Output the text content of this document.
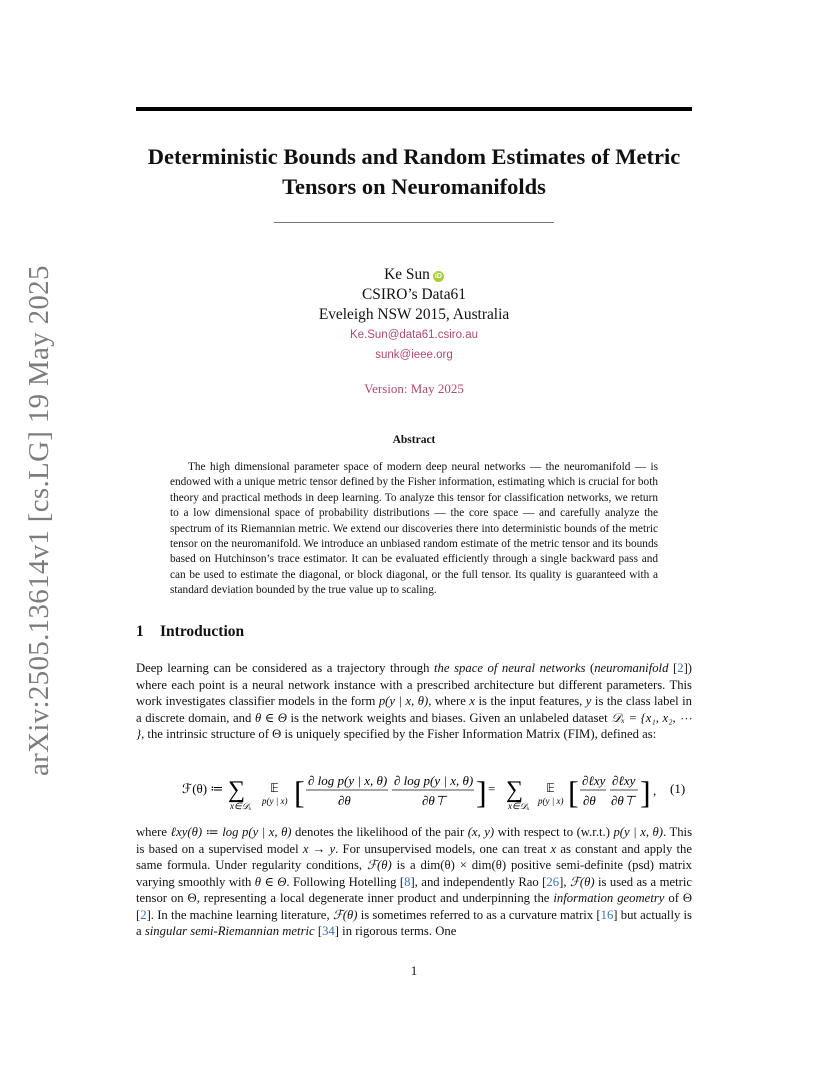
arXiv:2505.13614v1 [cs.LG] 19 May 2025
Deterministic Bounds and Random Estimates of Metric
Tensors on Neuromanifolds
Ke Sun iD
CSIRO’s Data61
Eveleigh NSW 2015, Australia
Ke.Sun@data61.csiro.au
sunk@ieee.org
Version: May 2025
Abstract

The high dimensional parameter space of modern deep neural networks — the neuromanifold — is endowed with a unique metric tensor defined by the Fisher information, estimating which is crucial for both theory and practical methods in deep learning. To analyze this tensor for classification networks, we return to a low dimensional space of probability distributions — the core space — and carefully analyze the spectrum of its Riemannian metric. We extend our discoveries there into deterministic bounds of the metric tensor on the neuromanifold. We introduce an unbiased random estimate of the metric tensor and its bounds based on Hutchinson’s trace estimator. It can be evaluated efficiently through a single backward pass and can be used to estimate the diagonal, or block diagonal, or the full tensor. Its quality is guaranteed with a standard deviation bounded by the true value up to scaling.

1 Introduction

Deep learning can be considered as a trajectory through the space of neural networks (neuromanifold [2]) where each point is a neural network instance with a prescribed architecture but different parameters. This work investigates classifier models in the form p(y | x, θ), where x is the input features, y is the class label in a discrete domain, and θ ∈ Θ is the network weights and biases. Given an unlabeled dataset 𝒟ₓ = {x₁, x₂, ⋯ }, the intrinsic structure of Θ is uniquely specified by the Fisher Information Matrix (FIM), defined as:

ℱ(θ) ≔ ∑
x∈𝒟ₓ
𝔼
p(y | x) [ ∂ log p(y | x, θ)
∂θ
∂ log p(y | x, θ)
∂θ⊤ ] = ∑
x∈𝒟ₓ
𝔼
p(y | x) [ ∂ℓxy
∂θ
∂ℓxy
∂θ⊤ ] , (1)

where ℓxy(θ) ≔ log p(y | x, θ) denotes the likelihood of the pair (x, y) with respect to (w.r.t.) p(y | x, θ). This is based on a supervised model x → y. For unsupervised models, one can treat x as constant and apply the same formula. Under regularity conditions, ℱ(θ) is a dim(θ) × dim(θ) positive semi-definite (psd) matrix varying smoothly with θ ∈ Θ. Following Hotelling [8], and independently Rao [26], ℱ(θ) is used as a metric tensor on Θ, representing a local degenerate inner product and underpinning the information geometry of Θ [2]. In the machine learning literature, ℱ(θ) is sometimes referred to as a curvature matrix [16] but actually is a singular semi-Riemannian metric [34] in rigorous terms. One

1
